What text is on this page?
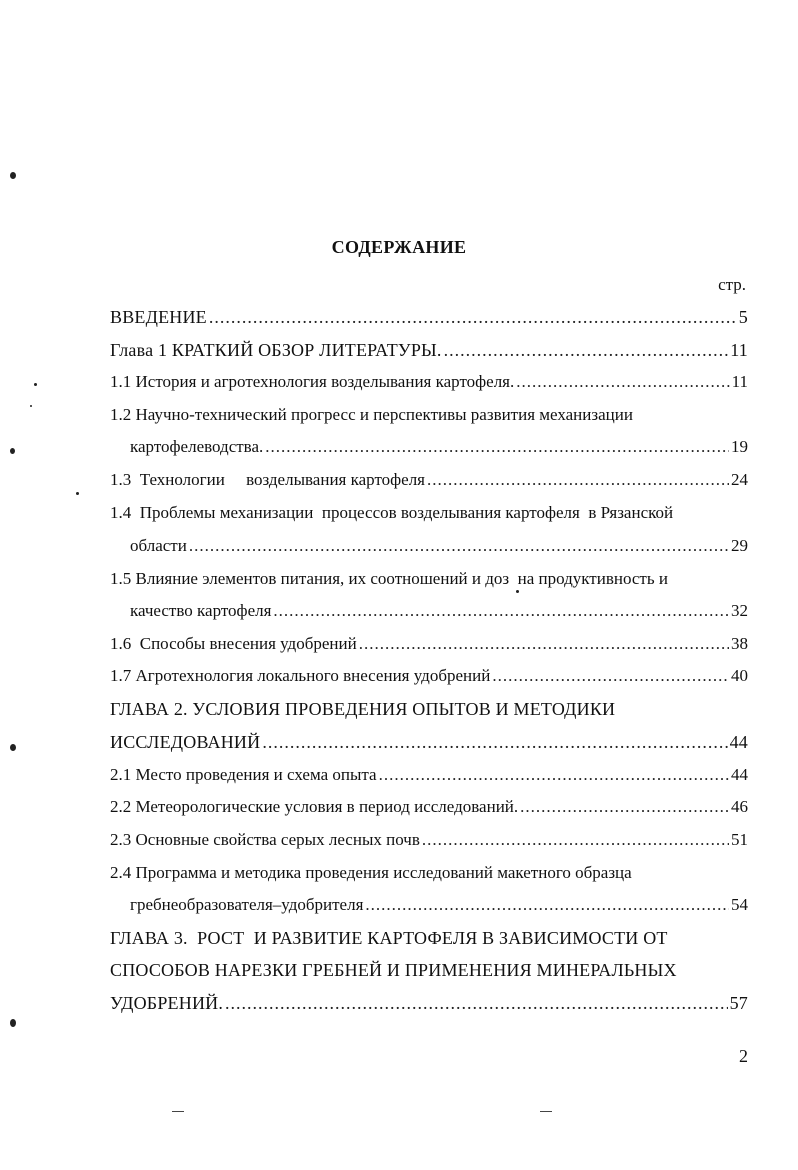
СОДЕРЖАНИЕ
стр.
ВВЕДЕНИЕ .....	5
Глава 1 КРАТКИЙ ОБЗОР ЛИТЕРАТУРЫ. .....	11
1.1 История и агротехнология возделывания картофеля. .....	11
1.2 Научно-технический прогресс и перспективы развития механизации
картофелеводства. .....	19
1.3  Технологии     возделывания картофеля .....	24
1.4  Проблемы механизации  процессов возделывания картофеля  в Рязанской
области .....	29
1.5 Влияние элементов питания, их соотношений и доз  на продуктивность и
качество картофеля .....	32
1.6  Способы внесения удобрений .....	38
1.7 Агротехнология локального внесения удобрений .....	40
ГЛАВА 2. УСЛОВИЯ ПРОВЕДЕНИЯ ОПЫТОВ И МЕТОДИКИ
ИССЛЕДОВАНИЙ .....	44
2.1 Место проведения и схема опыта .....	44
2.2 Метеорологические условия в период исследований. .....	46
2.3 Основные свойства серых лесных почв .....	51
2.4 Программа и методика проведения исследований макетного образца
гребнеобразователя–удобрителя .....	54
ГЛАВА 3.  РОСТ  И РАЗВИТИЕ КАРТОФЕЛЯ В ЗАВИСИМОСТИ ОТ
СПОСОБОВ НАРЕЗКИ ГРЕБНЕЙ И ПРИМЕНЕНИЯ МИНЕРАЛЬНЫХ
УДОБРЕНИЙ. .....	57
2
